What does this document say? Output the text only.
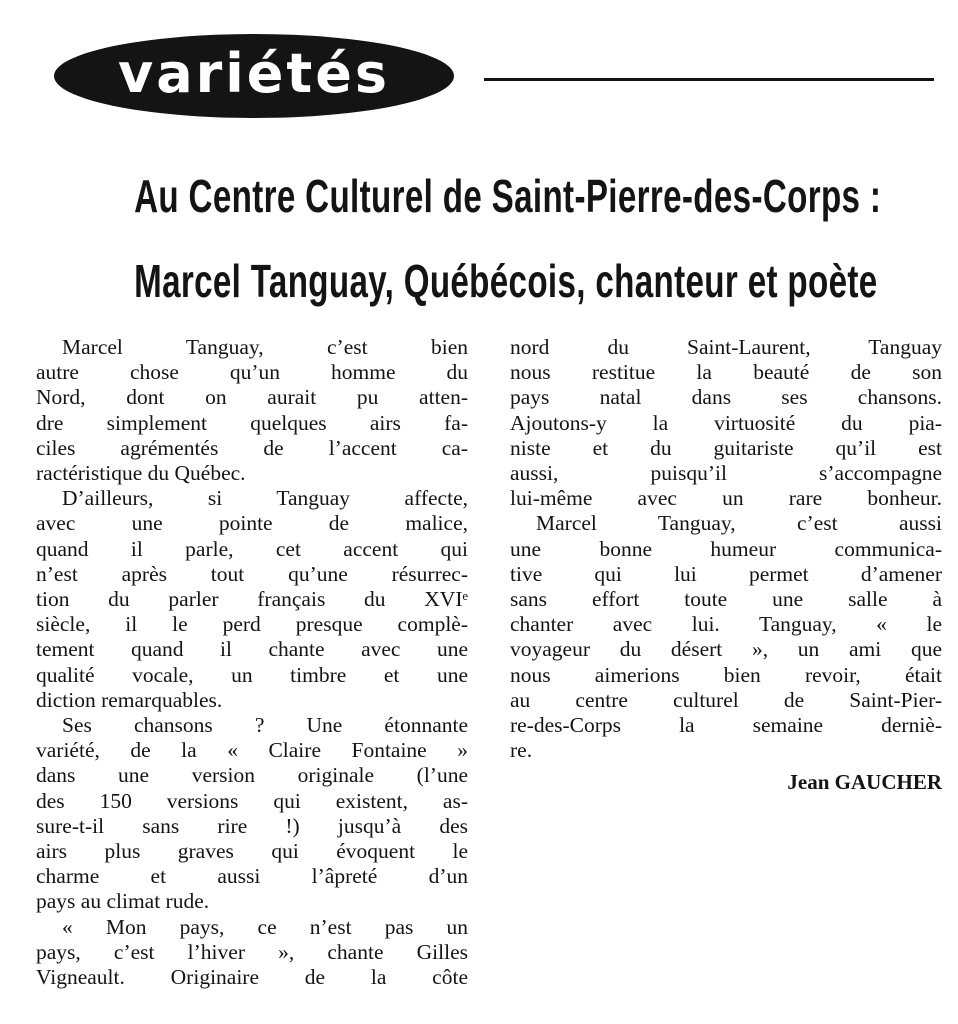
variétés
Au Centre Culturel de Saint-Pierre-des-Corps :
Marcel Tanguay, Québécois, chanteur et poète
Marcel Tanguay, c’est bien
autre chose qu’un homme du
Nord, dont on aurait pu atten-
dre simplement quelques airs fa-
ciles agrémentés de l’accent ca-
ractéristique du Québec.
D’ailleurs, si Tanguay affecte,
avec une pointe de malice,
quand il parle, cet accent qui
n’est après tout qu’une résurrec-
tion du parler français du XVIᵉ
siècle, il le perd presque complè-
tement quand il chante avec une
qualité vocale, un timbre et une
diction remarquables.
Ses chansons ? Une étonnante
variété, de la « Claire Fontaine »
dans une version originale (l’une
des 150 versions qui existent, as-
sure-t-il sans rire !) jusqu’à des
airs plus graves qui évoquent le
charme et aussi l’âpreté d’un
pays au climat rude.
« Mon pays, ce n’est pas un
pays, c’est l’hiver », chante Gilles
Vigneault. Originaire de la côte
nord du Saint-Laurent, Tanguay
nous restitue la beauté de son
pays natal dans ses chansons.
Ajoutons-y la virtuosité du pia-
niste et du guitariste qu’il est
aussi, puisqu’il s’accompagne
lui-même avec un rare bonheur.
Marcel Tanguay, c’est aussi
une bonne humeur communica-
tive qui lui permet d’amener
sans effort toute une salle à
chanter avec lui. Tanguay, « le
voyageur du désert », un ami que
nous aimerions bien revoir, était
au centre culturel de Saint-Pier-
re-des-Corps la semaine derniè-
re.
Jean GAUCHER
